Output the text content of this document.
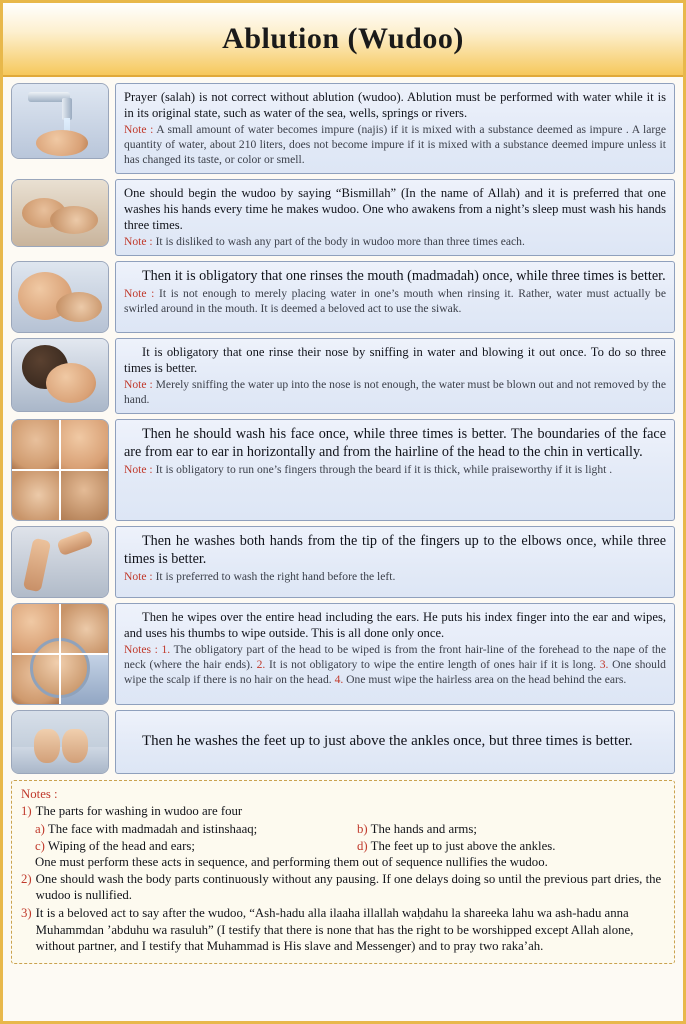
Ablution (Wudoo)

Prayer (salah) is not correct without ablution (wudoo). Ablution must be performed with water while it is in its original state, such as water of the sea, wells, springs or rivers.

Note : A small amount of water becomes impure (najis) if it is mixed with a substance deemed as impure . A large quantity of water, about 210 liters, does not become impure if it is mixed with a substance deemed impure unless it has changed its taste, or color or smell.

One should begin the wudoo by saying “Bismillah” (In the name of Allah) and it is preferred that one washes his hands every time he makes wudoo. One who awakens from a night’s sleep must wash his hands three times.

Note : It is disliked to wash any part of the body in wudoo more than three times each.

Then it is obligatory that one rinses the mouth (madmadah) once, while three times is better.

Note : It is not enough to merely placing water in one’s mouth when rinsing it. Rather, water must actually be swirled around in the mouth. It is deemed a beloved act to use the siwak.

It is obligatory that one rinse their nose by sniffing in water and blowing it out once. To do so three times is better.

Note : Merely sniffing the water up into the nose is not enough, the water must be blown out and not removed by the hand.

Then he should wash his face once, while three times is better. The boundaries of the face are from ear to ear in horizontally and from the hairline of the head to the chin in vertically.

Note : It is obligatory to run one’s fingers through the beard if it is thick, while praiseworthy if it is light .

Then he washes both hands from the tip of the fingers up to the elbows once, while three times is better.

Note : It is preferred to wash the right hand before the left.

Then he wipes over the entire head including the ears. He puts his index finger into the ear and wipes, and uses his thumbs to wipe outside. This is all done only once.

Notes : 1. The obligatory part of the head to be wiped is from the front hair-line of the forehead to the nape of the neck (where the hair ends). 2. It is not obligatory to wipe the entire length of ones hair if it is long. 3. One should wipe the scalp if there is no hair on the head. 4. One must wipe the hairless area on the head behind the ears.

Then he washes the feet up to just above the ankles once, but three times is better.

Notes :
1) The parts for washing in wudoo are four
a) The face with madmadah and istinshaaq;	b) The hands and arms;
c) Wiping of the head and ears;	d) The feet up to just above the ankles.
One must perform these acts in sequence, and performing them out of sequence nullifies the wudoo.
2) One should wash the body parts continuously without any pausing. If one delays doing so until the previous part dries, the wudoo is nullified.
3) It is a beloved act to say after the wudoo, “Ash-hadu alla ilaaha illallah waḥdahu la shareeka lahu wa ash-hadu anna Muhammdan ’abduhu wa rasuluh” (I testify that there is none that has the right to be worshipped except Allah alone, without partner, and I testify that Muhammad is His slave and Messenger) and to pray two raka’ah.
